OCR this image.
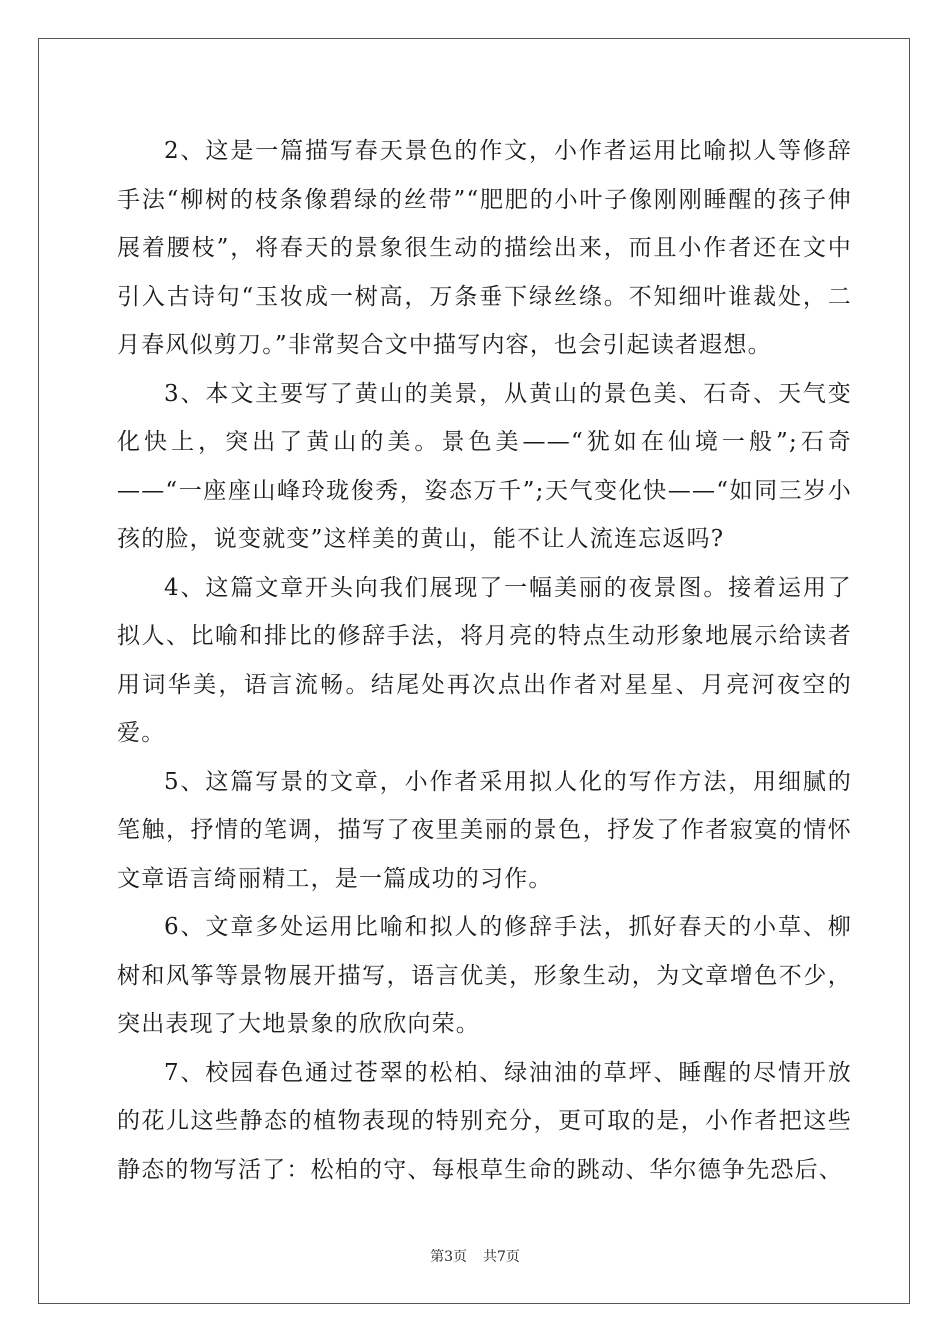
2、这是一篇描写春天景色的作文，小作者运用比喻拟人等修辞手法“柳树的枝条像碧绿的丝带”“肥肥的小叶子像刚刚睡醒的孩子伸展着腰枝”，将春天的景象很生动的描绘出来，而且小作者还在文中引入古诗句“玉妆成一树高，万条垂下绿丝绦。不知细叶谁裁处，二月春风似剪刀。”非常契合文中描写内容，也会引起读者遐想。

3、本文主要写了黄山的美景，从黄山的景色美、石奇、天气变化快上，突出了黄山的美。景色美——“犹如在仙境一般”;石奇——“一座座山峰玲珑俊秀，姿态万千”;天气变化快——“如同三岁小孩的脸，说变就变”这样美的黄山，能不让人流连忘返吗?

4、这篇文章开头向我们展现了一幅美丽的夜景图。接着运用了拟人、比喻和排比的修辞手法，将月亮的特点生动形象地展示给读者用词华美，语言流畅。结尾处再次点出作者对星星、月亮河夜空的爱。

5、这篇写景的文章，小作者采用拟人化的写作方法，用细腻的笔触，抒情的笔调，描写了夜里美丽的景色，抒发了作者寂寞的情怀文章语言绮丽精工，是一篇成功的习作。

6、文章多处运用比喻和拟人的修辞手法，抓好春天的小草、柳树和风筝等景物展开描写，语言优美，形象生动，为文章增色不少，突出表现了大地景象的欣欣向荣。

7、校园春色通过苍翠的松柏、绿油油的草坪、睡醒的尽情开放的花儿这些静态的植物表现的特别充分，更可取的是，小作者把这些静态的物写活了：松柏的守、每根草生命的跳动、华尔德争先恐后、

第3页 共7页
